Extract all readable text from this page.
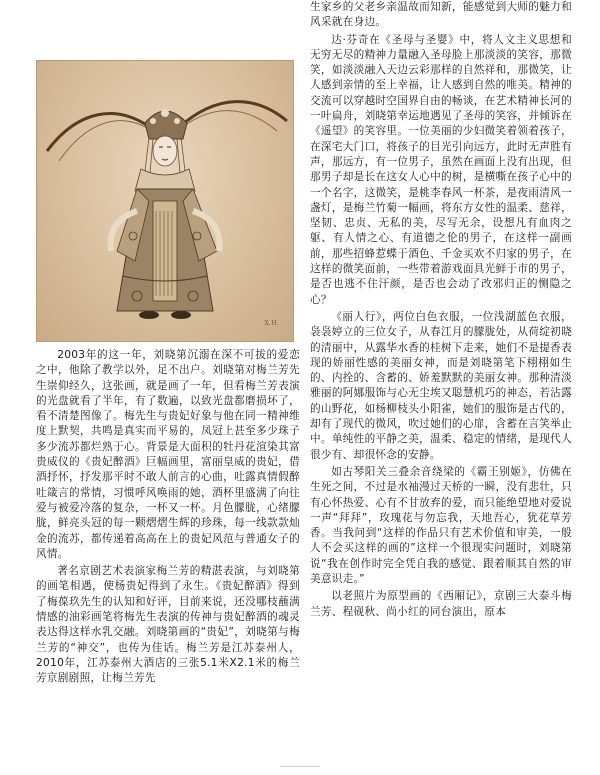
X.H.

2003年的这一年，刘晓第沉溺在深不可拔的爱恋之中，他除了教学以外，足不出户。刘晓第对梅兰芳先生崇仰经久，这张画，就是画了一年，但看梅兰芳表演的光盘就看了半年，有了数遍，以致光盘都磨损坏了，看不清楚图像了。梅先生与贵妃好象与他在同一精神维度上默契，共鸣是真实而平易的，凤冠上甚至多少珠子多少流苏都烂熟于心。背景是大面积的牡丹花渲染其富贵威仪的《贵妃醉酒》巨幅画里，富丽皇威的贵妃，借酒抒怀，抒发那平时不敢人前言的心曲，吐露真情假醉吐箴言的常情，习惯呼风唤雨的她，酒杯里盛满了向往爱与被爱冷落的复杂，一杯又一杯。月色朦胧，心绪朦胧，鲜亮头冠的每一颗熠熠生辉的珍珠，每一线款款灿金的流苏，都传递着高高在上的贵妃风范与普通女子的风情。

著名京剧艺术表演家梅兰芳的精湛表演，与刘晓第的画笔相遇，使杨贵妃得到了永生。《贵妃醉酒》得到了梅葆玖先生的认知和好评，目前来说，还没哪枝蘸满情感的油彩画笔将梅先生表演的传神与贵妃醉酒的魂灵表达得这样水乳交融。刘晓第画的“贵妃”，刘晓第与梅兰芳的“神交”，也传为佳话。梅兰芳是江苏泰州人，2010年，江苏泰州大酒店的三张5.1米X2.1米的梅兰芳京剧剧照，让梅兰芳先

生家乡的父老乡亲温故而知新，能感觉到大师的魅力和风采就在身边。

达·芬奇在《圣母与圣婴》中，将人文主义思想和无穷无尽的精神力量融入圣母脸上那淡淡的笑容，那微笑，如淡淡融入天边云彩那样的自然祥和，那微笑，让人感到亲情的至上幸福，让人感到自然的唯美。精神的交流可以穿越时空国界自由的畅谈，在艺术精神长河的一叶扁舟，刘晓第幸运地遇见了圣母的笑容，并倾诉在《遥望》的笑容里。一位美丽的少妇微笑着领着孩子，在深宅大门口，将孩子的目光引向远方，此时无声胜有声，那远方，有一位男子，虽然在画面上没有出现，但那男子却是长在这女人心中的树，是横嘶在孩子心中的一个名字，这微笑，是桃李春风一杯茶，是夜雨清风一盏灯，是梅兰竹菊一幅画，将东方女性的温柔、慈祥，坚韧、忠贞、无私的美，尽写无余，设想凡有血肉之躯、有人情之心、有道德之伦的男子，在这样一副画前，那些招蜂惹蝶于酒色、千金买欢不归家的男子，在这样的微笑面前，一些带着游戏面具光鲜于市的男子，是否也逃不住汗颜，是否也会动了改邪归正的恻隐之心？

《丽人行》，两位白色衣服，一位浅湖蓝色衣服，袅袅婷立的三位女子，从春江月的朦胧处，从荷绽初晓的清丽中，从露华水香的桂树下走来，她们不是提香表现的娇丽性感的美丽女神，而是刘晓第笔下栩栩如生的、内拴的、含蓄的、娇羞默默的美丽女神。那种清淡雅丽的阿娜服饰与心无尘埃又聪慧机巧的神态，若沾露的山野花，如杨柳枝头小阳雀，她们的服饰是古代的，却有了现代的微风，吹过她们的心扉，含蓄在言笑举止中。单纯性的平静之美，温柔、稳定的情绪，是现代人很少有、却很怀念的安静。

如古琴阳关三叠余音绕梁的《霸王别姬》，仿佛在生死之间，不过是水袖漫过天桥的一瞬，没有悲壮，只有心怀热爱、心有不甘放弃的爱，而只能绝望地对爱说一声“拜拜”，玫瑰花与勿忘我，天地吾心，犹花草芳香。当我问到“这样的作品只有艺术价值和审美，一般人不会买这样的画的”这样一个很现实问题时，刘晓第说“我在创作时完全凭自我的感觉、跟着顺其自然的审美意识走。”

以老照片为原型画的《西厢记》，京剧三大泰斗梅兰芳、程砚秋、尚小红的同台演出，原本
